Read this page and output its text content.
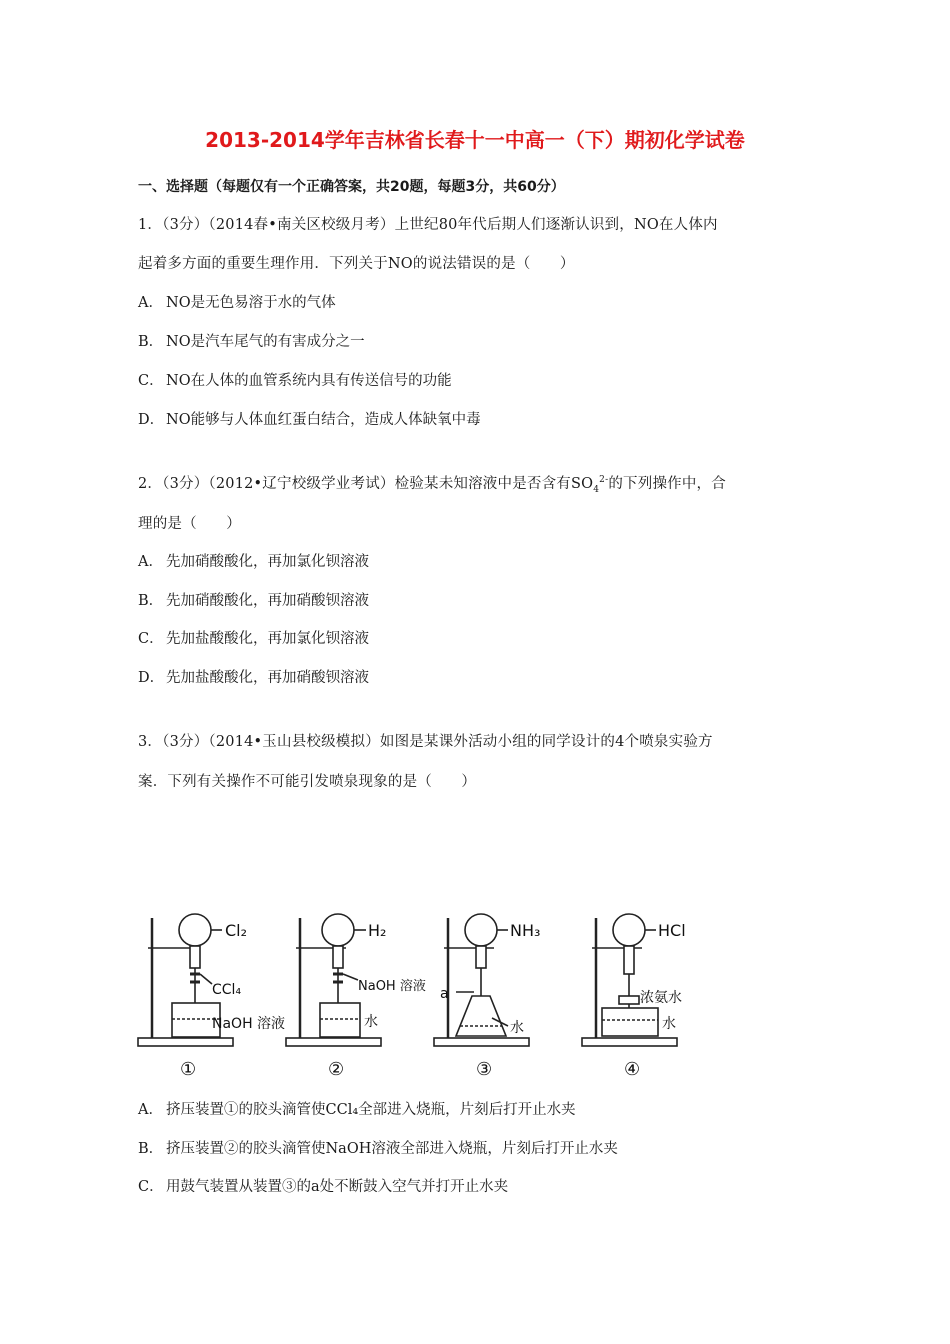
2013-2014学年吉林省长春十一中高一（下）期初化学试卷
一、选择题（每题仅有一个正确答案，共20题，每题3分，共60分）
1．（3分）（2014春•南关区校级月考）上世纪80年代后期人们逐渐认识到，NO在人体内
起着多方面的重要生理作用．下列关于NO的说法错误的是（　　）
A． NO是无色易溶于水的气体
B． NO是汽车尾气的有害成分之一
C． NO在人体的血管系统内具有传送信号的功能
D． NO能够与人体血红蛋白结合，造成人体缺氧中毒
2．（3分）（2012•辽宁校级学业考试）检验某未知溶液中是否含有$SO_4^{2-}$的下列操作中，合
理的是（　　）
A． 先加硝酸酸化，再加氯化钡溶液
B． 先加硝酸酸化，再加硝酸钡溶液
C． 先加盐酸酸化，再加氯化钡溶液
D． 先加盐酸酸化，再加硝酸钡溶液
3．（3分）（2014•玉山县校级模拟）如图是某课外活动小组的同学设计的4个喷泉实验方
案．下列有关操作不可能引发喷泉现象的是（　　）
Cl₂
CCl₄
NaOH 溶液
①
H₂
NaOH 溶液
水
②
NH₃
a
水
③
HCl
浓氨水
水
④
A． 挤压装置①的胶头滴管使CCl₄全部进入烧瓶，片刻后打开止水夹
B． 挤压装置②的胶头滴管使NaOH溶液全部进入烧瓶，片刻后打开止水夹
C． 用鼓气装置从装置③的a处不断鼓入空气并打开止水夹
